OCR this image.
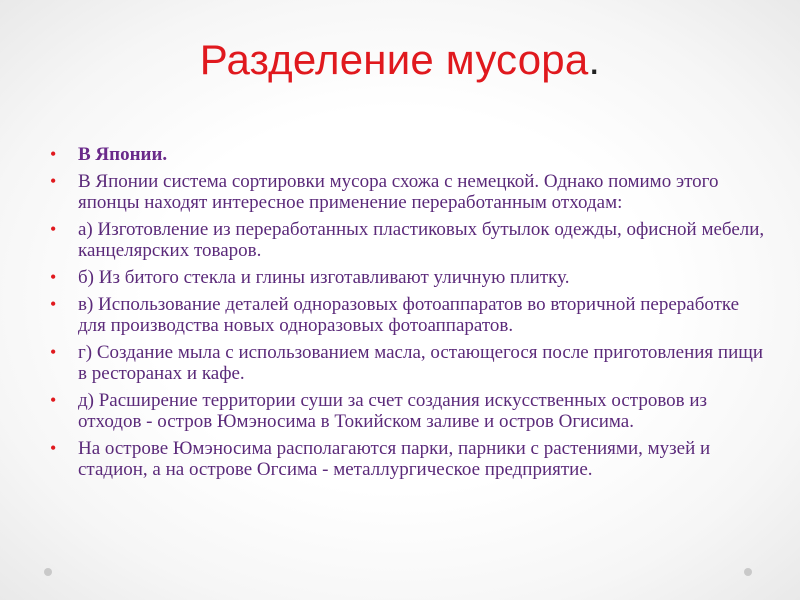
Разделение мусора.
• В Японии.
• В Японии система сортировки мусора схожа с немецкой. Однако помимо этого японцы находят интересное применение переработанным отходам:
• а) Изготовление из переработанных пластиковых бутылок одежды, офисной мебели, канцелярских товаров.
• б) Из битого стекла и глины изготавливают уличную плитку.
• в) Использование деталей одноразовых фотоаппаратов во вторичной переработке для производства новых одноразовых фотоаппаратов.
• г) Создание мыла с использованием масла, остающегося после приготовления пищи в ресторанах и кафе.
• д) Расширение территории суши за счет создания искусственных островов из отходов - остров Юмэносима в Токийском заливе и остров Огисима.
• На острове Юмэносима располагаются парки, парники с растениями, музей и стадион, а на острове Огсима - металлургическое предприятие.
